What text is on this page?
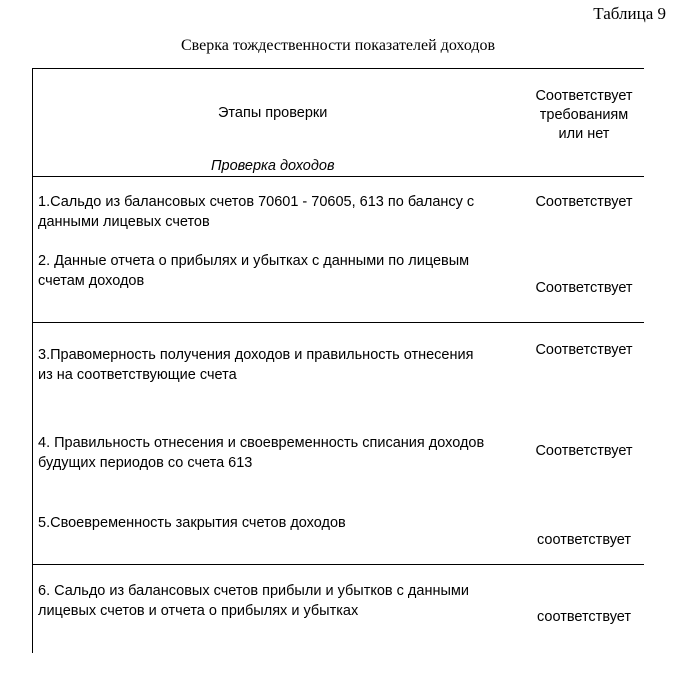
Таблица 9
Сверка тождественности показателей доходов
Этапы проверки
Соответствует
требованиям
или нет
Проверка доходов
1.Сальдо из балансовых счетов 70601 - 70605, 613 по балансу с
данными лицевых счетов
Соответствует
2. Данные отчета о прибылях и убытках с данными по лицевым
счетам доходов	Соответствует
3.Правомерность получения доходов и правильность отнесения
из на соответствующие счета
Соответствует
4. Правильность отнесения и своевременность списания доходов
будущих периодов со счета 613
Соответствует
5.Своевременность закрытия счетов доходов
соответствует
6. Сальдо из балансовых счетов прибыли и убытков с данными
лицевых счетов и отчета о прибылях и убытках	соответствует
